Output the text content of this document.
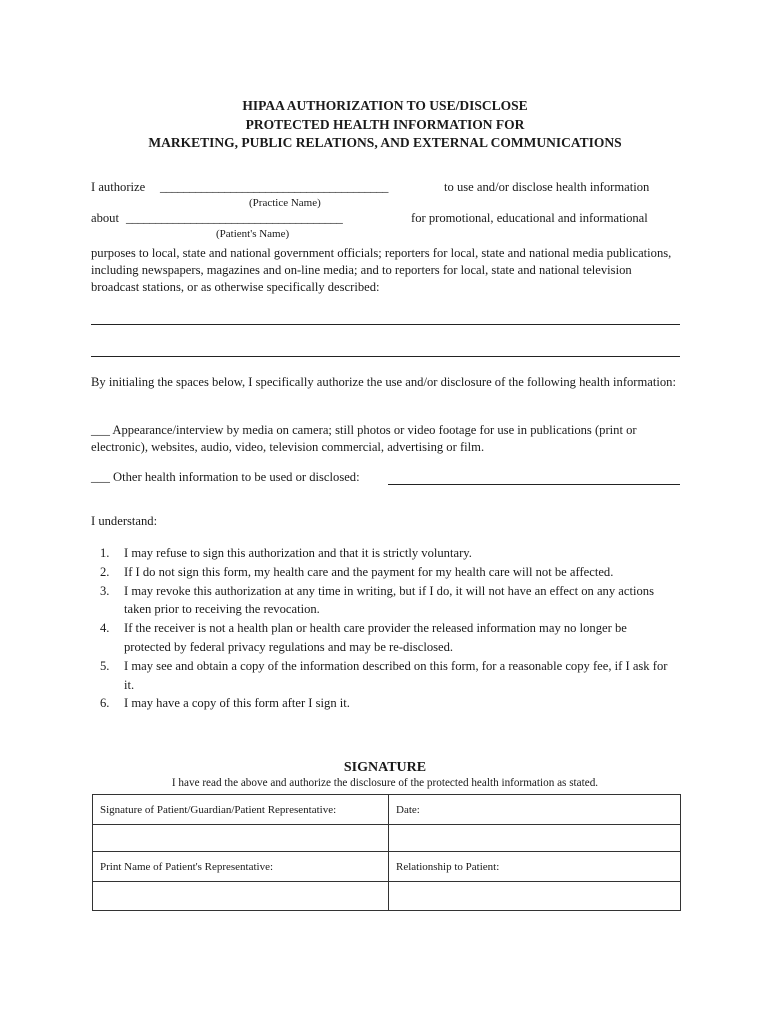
HIPAA AUTHORIZATION TO USE/DISCLOSE
PROTECTED HEALTH INFORMATION FOR
MARKETING, PUBLIC RELATIONS, AND EXTERNAL COMMUNICATIONS
I authorize _______________________________________	to use and/or disclose health information
(Practice Name)
about _____________________________________	for promotional, educational and informational
(Patient's Name)
purposes to local, state and national government officials; reporters for local, state and national media publications, including newspapers, magazines and on-line media; and to reporters for local, state and national television broadcast stations, or as otherwise specifically described:
By initialing the spaces below, I specifically authorize the use and/or disclosure of the following health information:
___ Appearance/interview by media on camera; still photos or video footage for use in publications (print or electronic), websites, audio, video, television commercial, advertising or film.
___ Other health information to be used or disclosed:
I understand:
1. I may refuse to sign this authorization and that it is strictly voluntary.
2. If I do not sign this form, my health care and the payment for my health care will not be affected.
3. I may revoke this authorization at any time in writing, but if I do, it will not have an effect on any actions taken prior to receiving the revocation.
4. If the receiver is not a health plan or health care provider the released information may no longer be protected by federal privacy regulations and may be re-disclosed.
5. I may see and obtain a copy of the information described on this form, for a reasonable copy fee, if I ask for it.
6. I may have a copy of this form after I sign it.
SIGNATURE
I have read the above and authorize the disclosure of the protected health information as stated.
Signature of Patient/Guardian/Patient Representative:	Date:

Print Name of Patient's Representative:	Relationship to Patient:
